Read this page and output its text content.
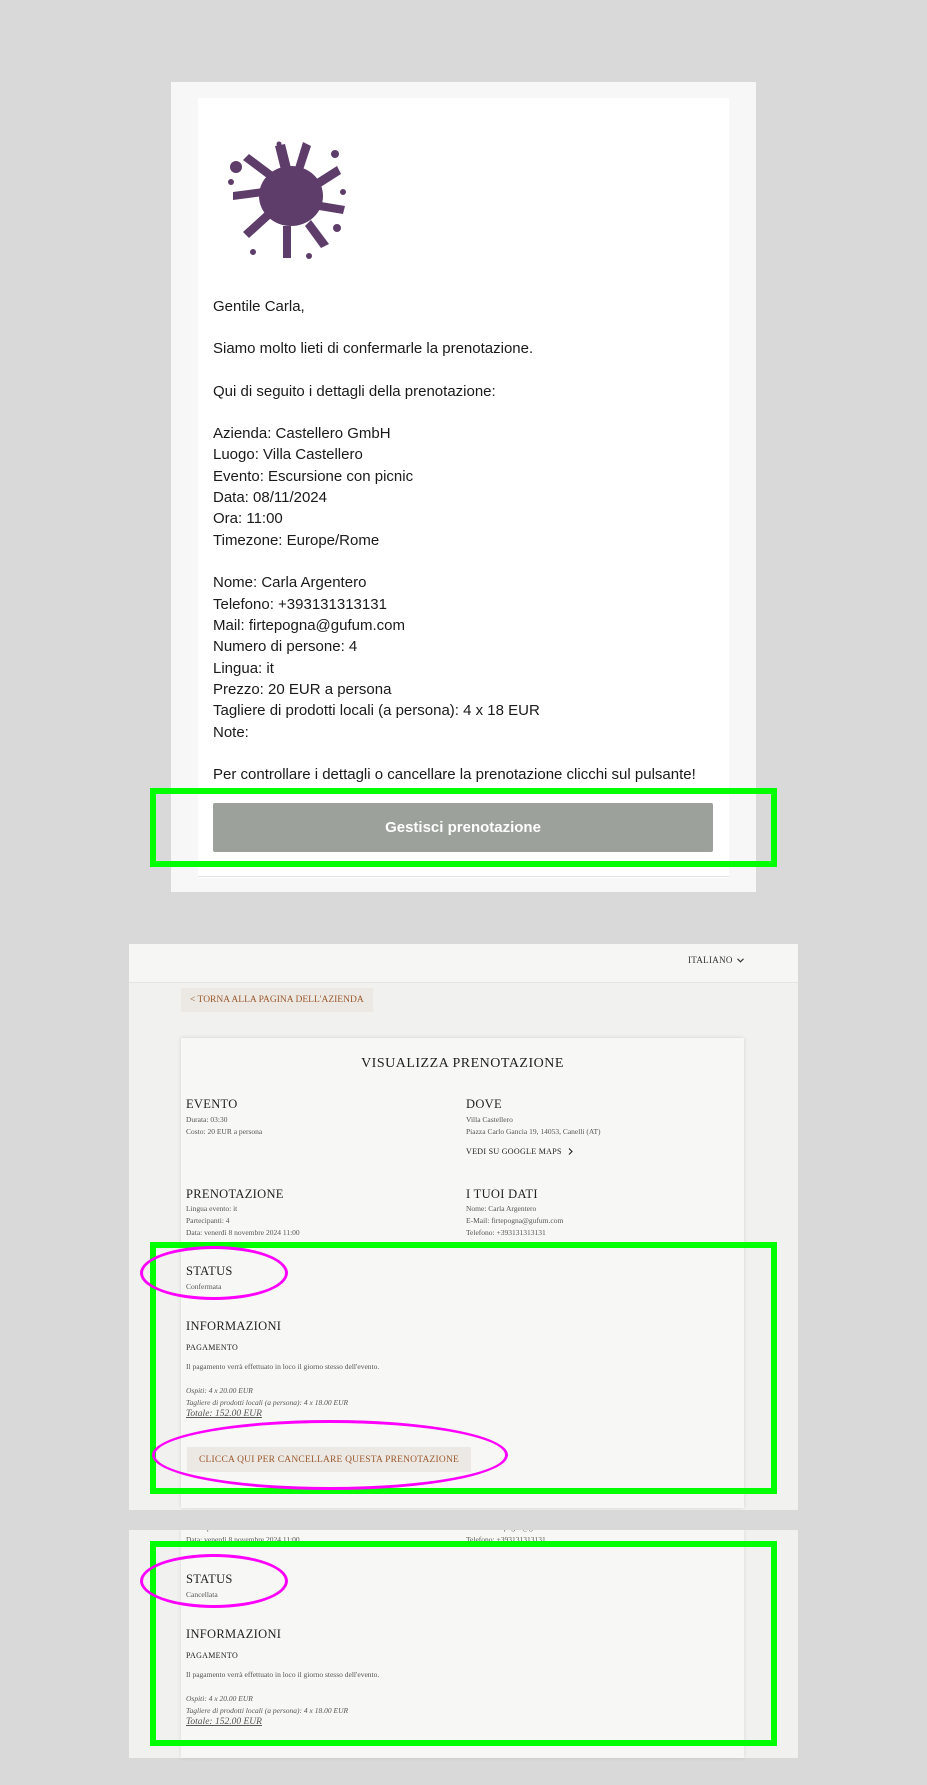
Gentile Carla,
Siamo molto lieti di confermarle la prenotazione.
Qui di seguito i dettagli della prenotazione:
Azienda: Castellero GmbH
Luogo: Villa Castellero
Evento: Escursione con picnic
Data: 08/11/2024
Ora: 11:00
Timezone: Europe/Rome
Nome: Carla Argentero
Telefono: +393131313131
Mail: firtepogna@gufum.com
Numero di persone: 4
Lingua: it
Prezzo: 20 EUR a persona
Tagliere di prodotti locali (a persona): 4 x 18 EUR
Note:
Per controllare i dettagli o cancellare la prenotazione clicchi sul pulsante!
Gestisci prenotazione
ITALIANO
< TORNA ALLA PAGINA DELL'AZIENDA
VISUALIZZA PRENOTAZIONE
EVENTO
Durata: 03:30
Costo: 20 EUR a persona
DOVE
Villa Castellero
Piazza Carlo Gancia 19, 14053, Canelli (AT)
VEDI SU GOOGLE MAPS
PRENOTAZIONE
Lingua evento: it
Partecipanti: 4
Data: venerdì 8 novembre 2024 11:00
I TUOI DATI
Nome: Carla Argentero
E-Mail: firtepogna@gufum.com
Telefono: +393131313131
STATUS
Confermata
INFORMAZIONI
PAGAMENTO
Il pagamento verrà effettuato in loco il giorno stesso dell'evento.
Ospiti: 4 x 20.00 EUR
Tagliere di prodotti locali (a persona): 4 x 18.00 EUR
Totale: 152.00 EUR
CLICCA QUI PER CANCELLARE QUESTA PRENOTAZIONE
Data: venerdì 8 novembre 2024 11:00	Telefono: +393131313131
STATUS
Cancellata
INFORMAZIONI
PAGAMENTO
Il pagamento verrà effettuato in loco il giorno stesso dell'evento.
Ospiti: 4 x 20.00 EUR
Tagliere di prodotti locali (a persona): 4 x 18.00 EUR
Totale: 152.00 EUR
